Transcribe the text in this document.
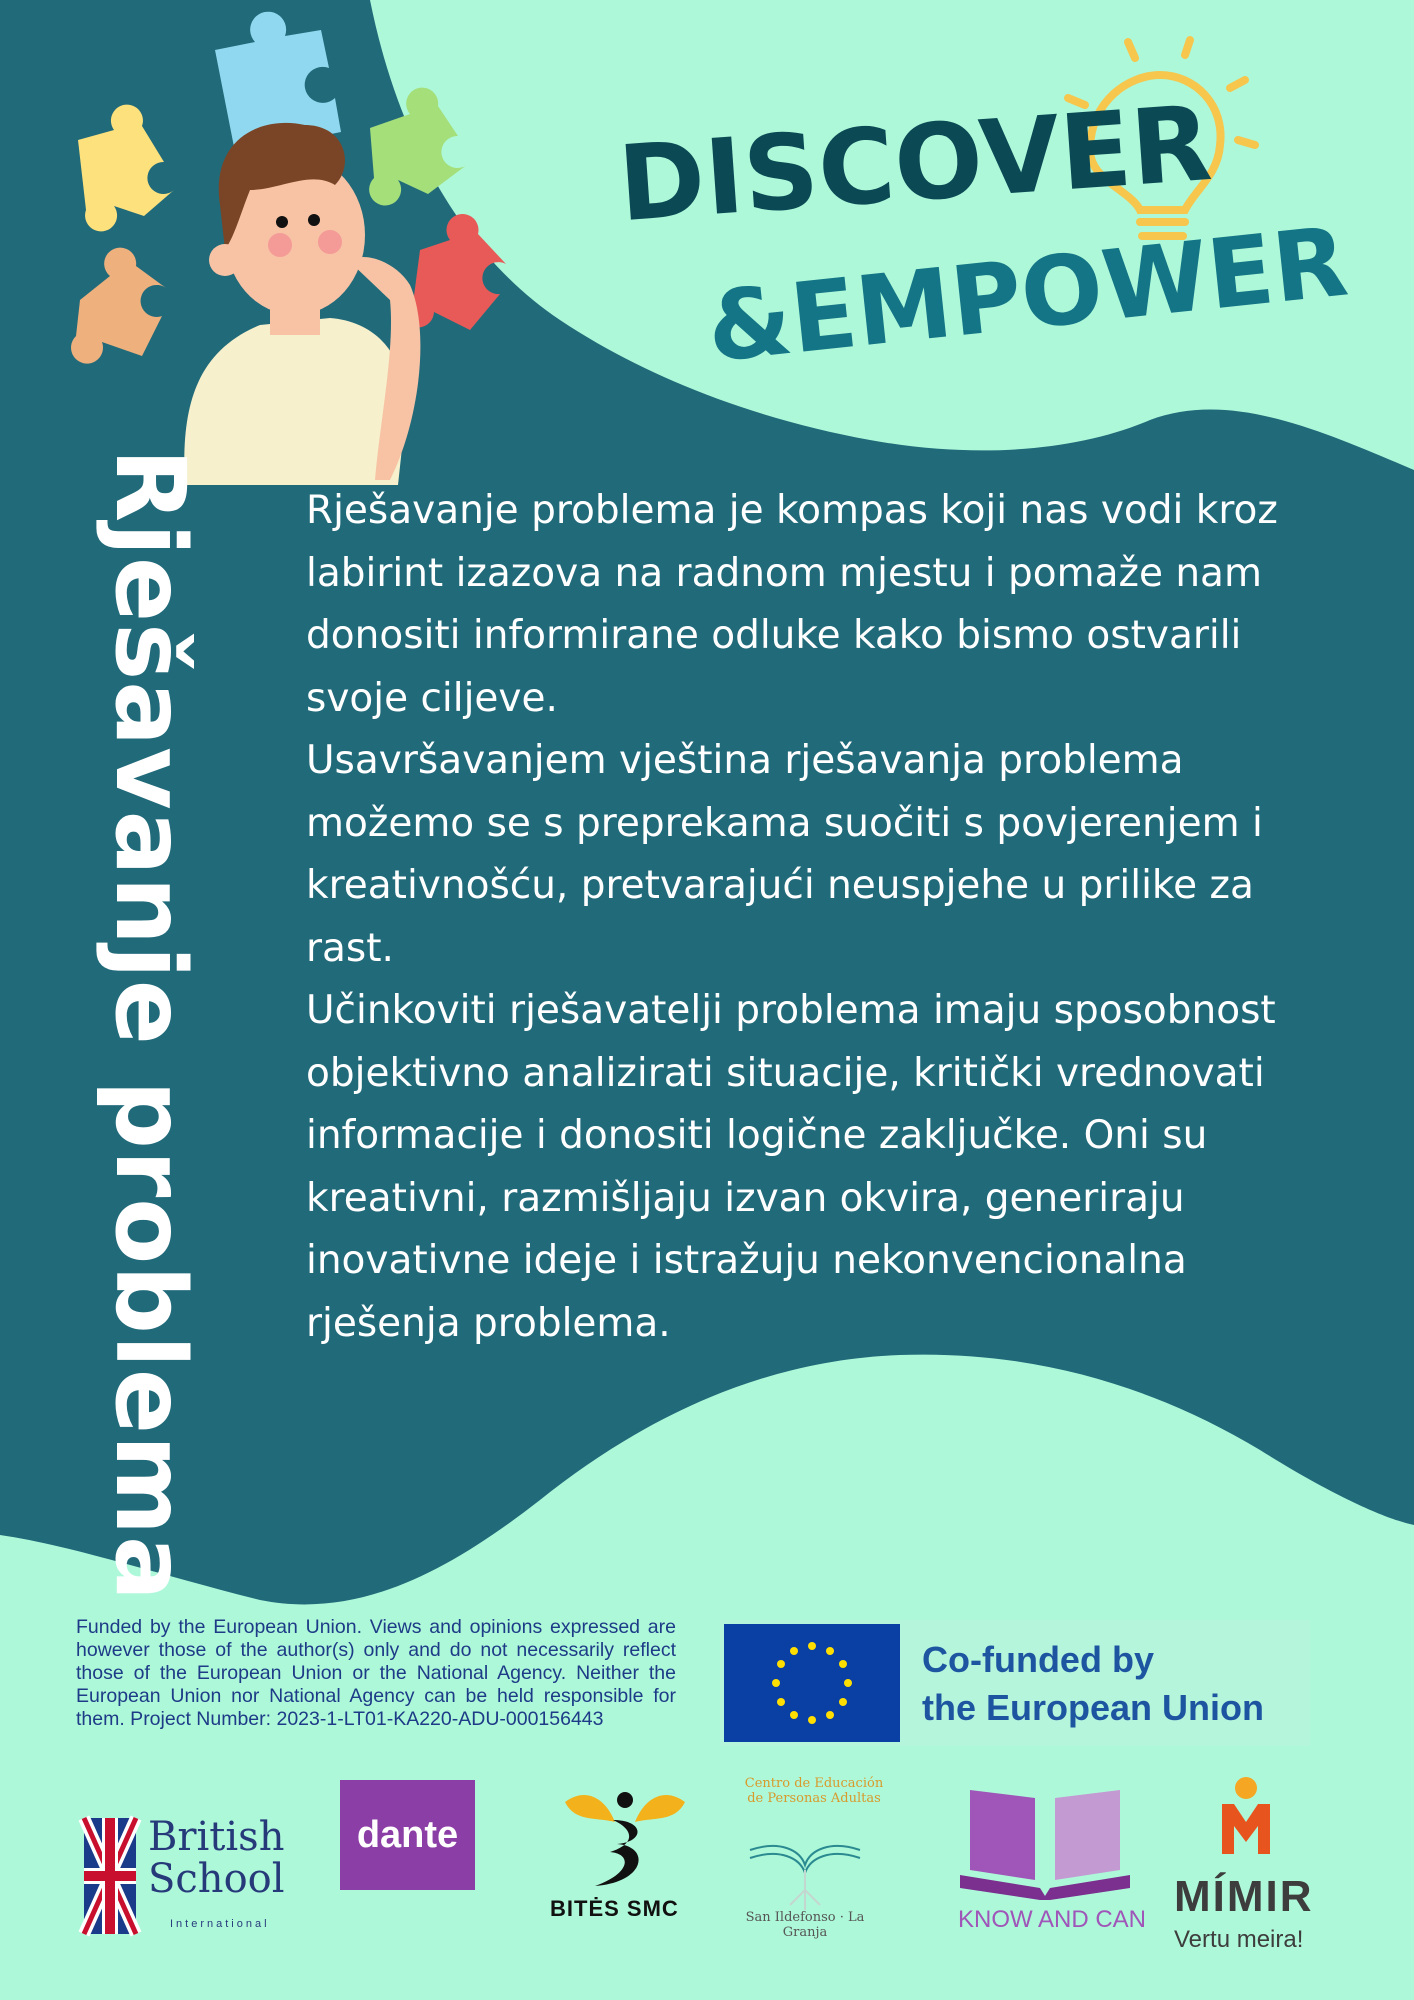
DISCOVER
&EMPOWER
Rješavanje problema	Rješavanje problema je kompas koji nas vodi kroz labirint izazova na radnom mjestu i pomaže nam donositi informirane odluke kako bismo ostvarili svoje ciljeve.

Usavršavanjem vještina rješavanja problema možemo se s preprekama suočiti s povjerenjem i kreativnošću, pretvarajući neuspjehe u prilike za rast.

Učinkoviti rješavatelji problema imaju sposobnost objektivno analizirati situacije, kritički vrednovati informacije i donositi logične zaključke. Oni su kreativni, razmišljaju izvan okvira, generiraju inovativne ideje i istražuju nekonvencionalna rješenja problema.

Funded by the European Union. Views and opinions expressed are however those of the author(s) only and do not necessarily reflect those of the European Union or the National Agency. Neither the European Union nor National Agency can be held responsible for them. Project Number: 2023-1-LT01-KA220-ADU-000156443
Co-funded by
the European Union
British
School
International
dante
BITĖS SMC
Centro de Educación de Personas Adultas
San Ildefonso · La Granja	KNOW AND CAN MÍMIR
Vertu meira!
